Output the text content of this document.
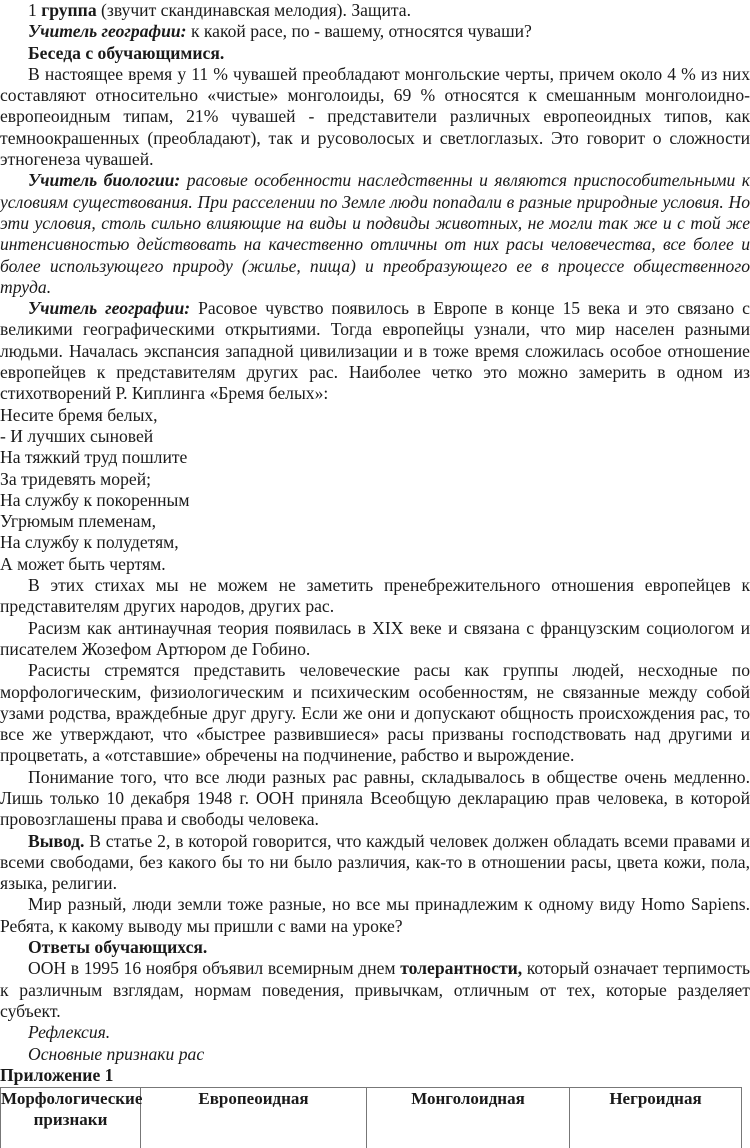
1 группа (звучит скандинавская мелодия). Защита.

Учитель географии: к какой расе, по - вашему, относятся чуваши?

Беседа с обучающимися.

В настоящее время у 11 % чувашей преобладают монгольские черты, причем около 4 % из них составляют относительно «чистые» монголоиды, 69 % относятся к смешанным монголоидно-европеоидным типам, 21% чувашей - представители различных европеоидных типов, как темноокрашенных (преобладают), так и русоволосых и светлоглазых. Это говорит о сложности этногенеза чувашей.

Учитель биологии: расовые особенности наследственны и являются приспособительными к условиям существования. При расселении по Земле люди попадали в разные природные условия. Но эти условия, столь сильно влияющие на виды и подвиды животных, не могли так же и с той же интенсивностью действовать на качественно отличны от них расы человечества, все более и более использующего природу (жилье, пища) и преобразующего ее в процессе общественного труда.

Учитель географии: Расовое чувство появилось в Европе в конце 15 века и это связано с великими географическими открытиями. Тогда европейцы узнали, что мир населен разными людьми. Началась экспансия западной цивилизации и в тоже время сложилась особое отношение европейцев к представителям других рас. Наиболее четко это можно замерить в одном из стихотворений Р. Киплинга «Бремя белых»:

Несите бремя белых,

- И лучших сыновей

На тяжкий труд пошлите

За тридевять морей;

На службу к покоренным

Угрюмым племенам,

На службу к полудетям,

А может быть чертям.

В этих стихах мы не можем не заметить пренебрежительного отношения европейцев к представителям других народов, других рас.

Расизм как антинаучная теория появилась в XIX веке и связана с французским социологом и писателем Жозефом Артюром де Гобино.

Расисты стремятся представить человеческие расы как группы людей, несходные по морфологическим, физиологическим и психическим особенностям, не связанные между собой узами родства, враждебные друг другу. Если же они и допускают общность происхождения рас, то все же утверждают, что «быстрее развившиеся» расы призваны господствовать над другими и процветать, а «отставшие» обречены на подчинение, рабство и вырождение.

Понимание того, что все люди разных рас равны, складывалось в обществе очень медленно. Лишь только 10 декабря 1948 г. ООН приняла Всеобщую декларацию прав человека, в которой провозглашены права и свободы человека.

Вывод. В статье 2, в которой говорится, что каждый человек должен обладать всеми правами и всеми свободами, без какого бы то ни было различия, как-то в отношении расы, цвета кожи, пола, языка, религии.

Мир разный, люди земли тоже разные, но все мы принадлежим к одному виду Homo Sapiens. Ребята, к какому выводу мы пришли с вами на уроке?

Ответы обучающихся.

ООН в 1995 16 ноября объявил всемирным днем толерантности, который означает терпимость к различным взглядам, нормам поведения, привычкам, отличным от тех, которые разделяет субъект.

Рефлексия.

Основные признаки рас

Приложение 1

Морфологические признаки	Европеоидная	Монголоидная	Негроидная
